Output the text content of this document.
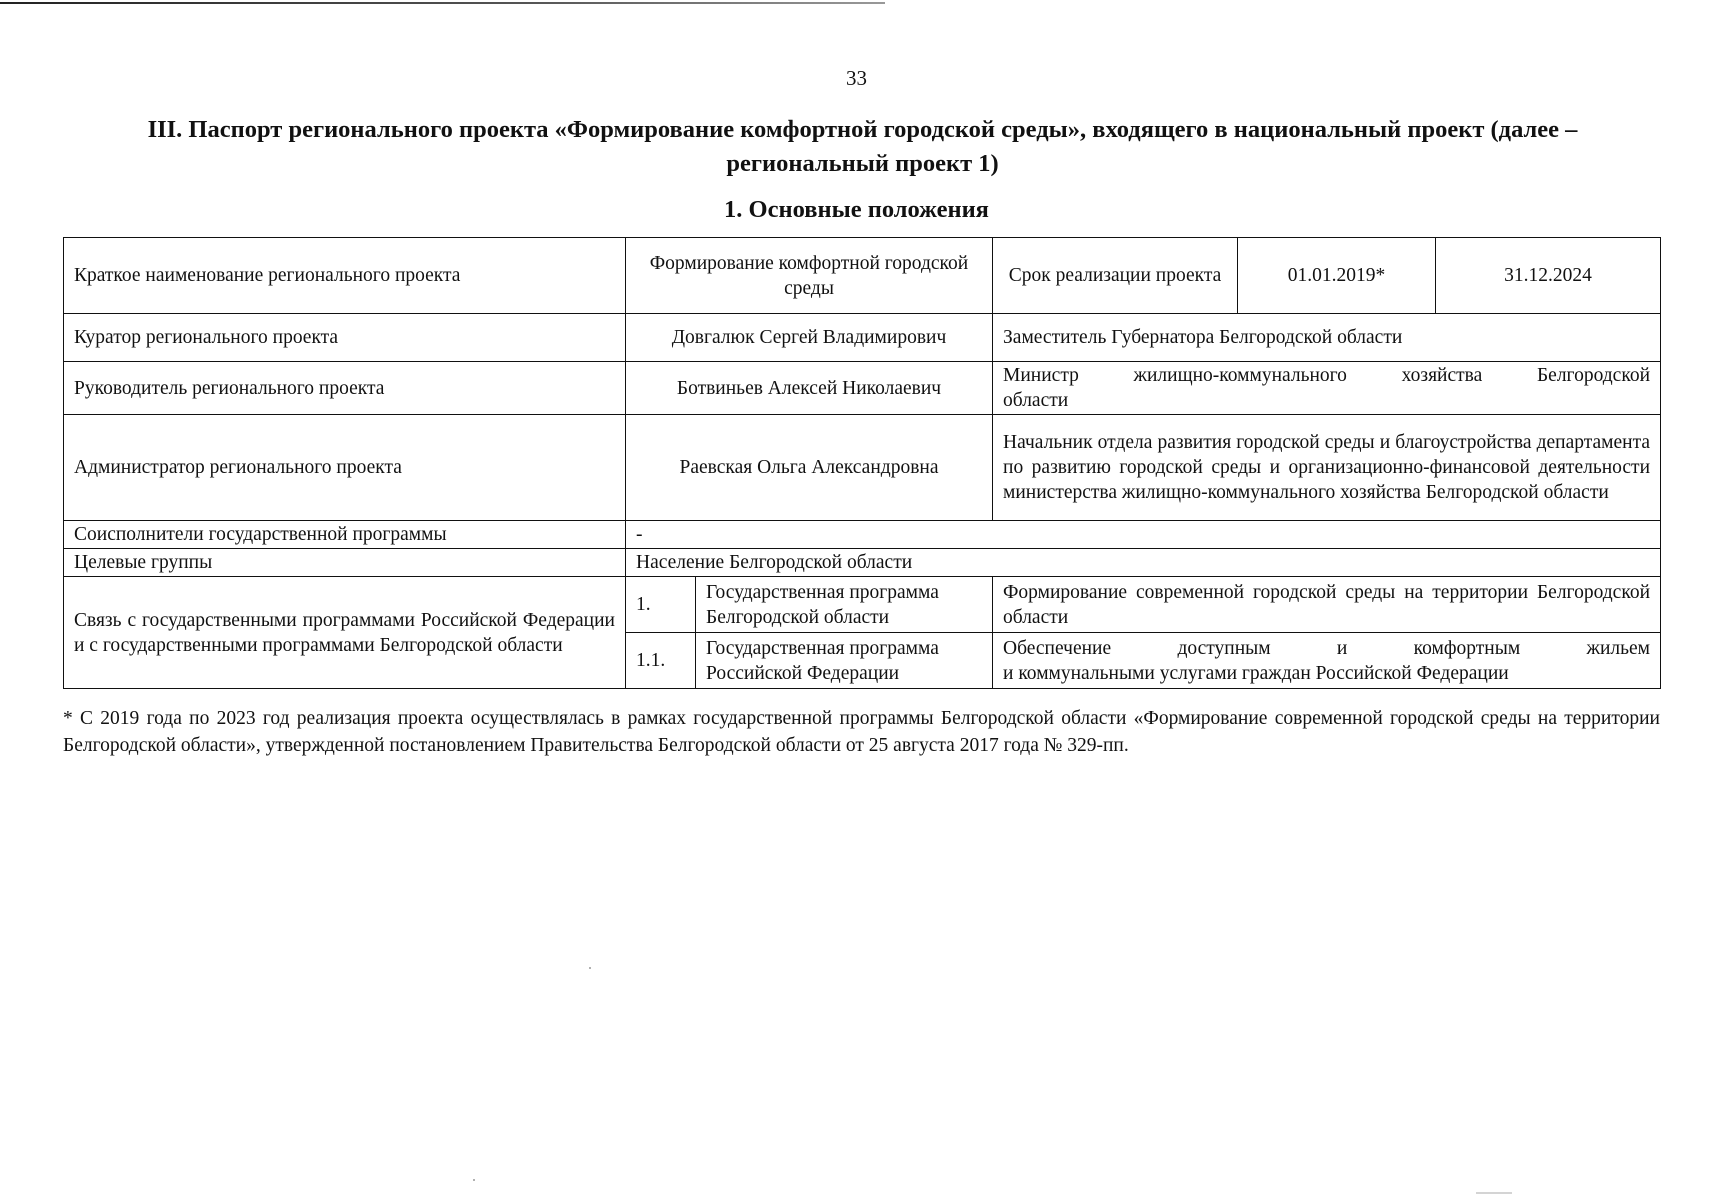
33
III. Паспорт регионального проекта «Формирование комфортной городской среды», входящего в национальный проект (далее – региональный проект 1)
1. Основные положения
Краткое наименование регионального проекта	Формирование комфортной городской среды		Срок реализации проекта	01.01.2019*	31.12.2024
Куратор регионального проекта	Довгалюк Сергей Владимирович		Заместитель Губернатора Белгородской области		
Руководитель регионального проекта	Ботвиньев Алексей Николаевич		Министр жилищно-коммунального хозяйства Белгородской
области		

Администратор регионального проекта	Раевская Ольга Александровна		Начальник отдела развития городской среды и благоустройства департамента по развитию городской среды и организационно-финансовой деятельности министерства жилищно-коммунального хозяйства Белгородской области		
Соисполнители государственной программы	-				
Целевые группы	Население Белгородской области				
Связь с государственными программами Российской Федерации и с государственными программами Белгородской области	1.	Государственная программа Белгородской области	Формирование современной городской среды на территории Белгородской области		
	1.1.	Государственная программа Российской Федерации	Обеспечение доступным и комфортным жильем
и коммунальными услугами граждан Российской Федерации		
* С 2019 года по 2023 год реализация проекта осуществлялась в рамках государственной программы Белгородской области «Формирование современной городской среды на территории Белгородской области», утвержденной постановлением Правительства Белгородской области от 25 августа 2017 года № 329-пп.
